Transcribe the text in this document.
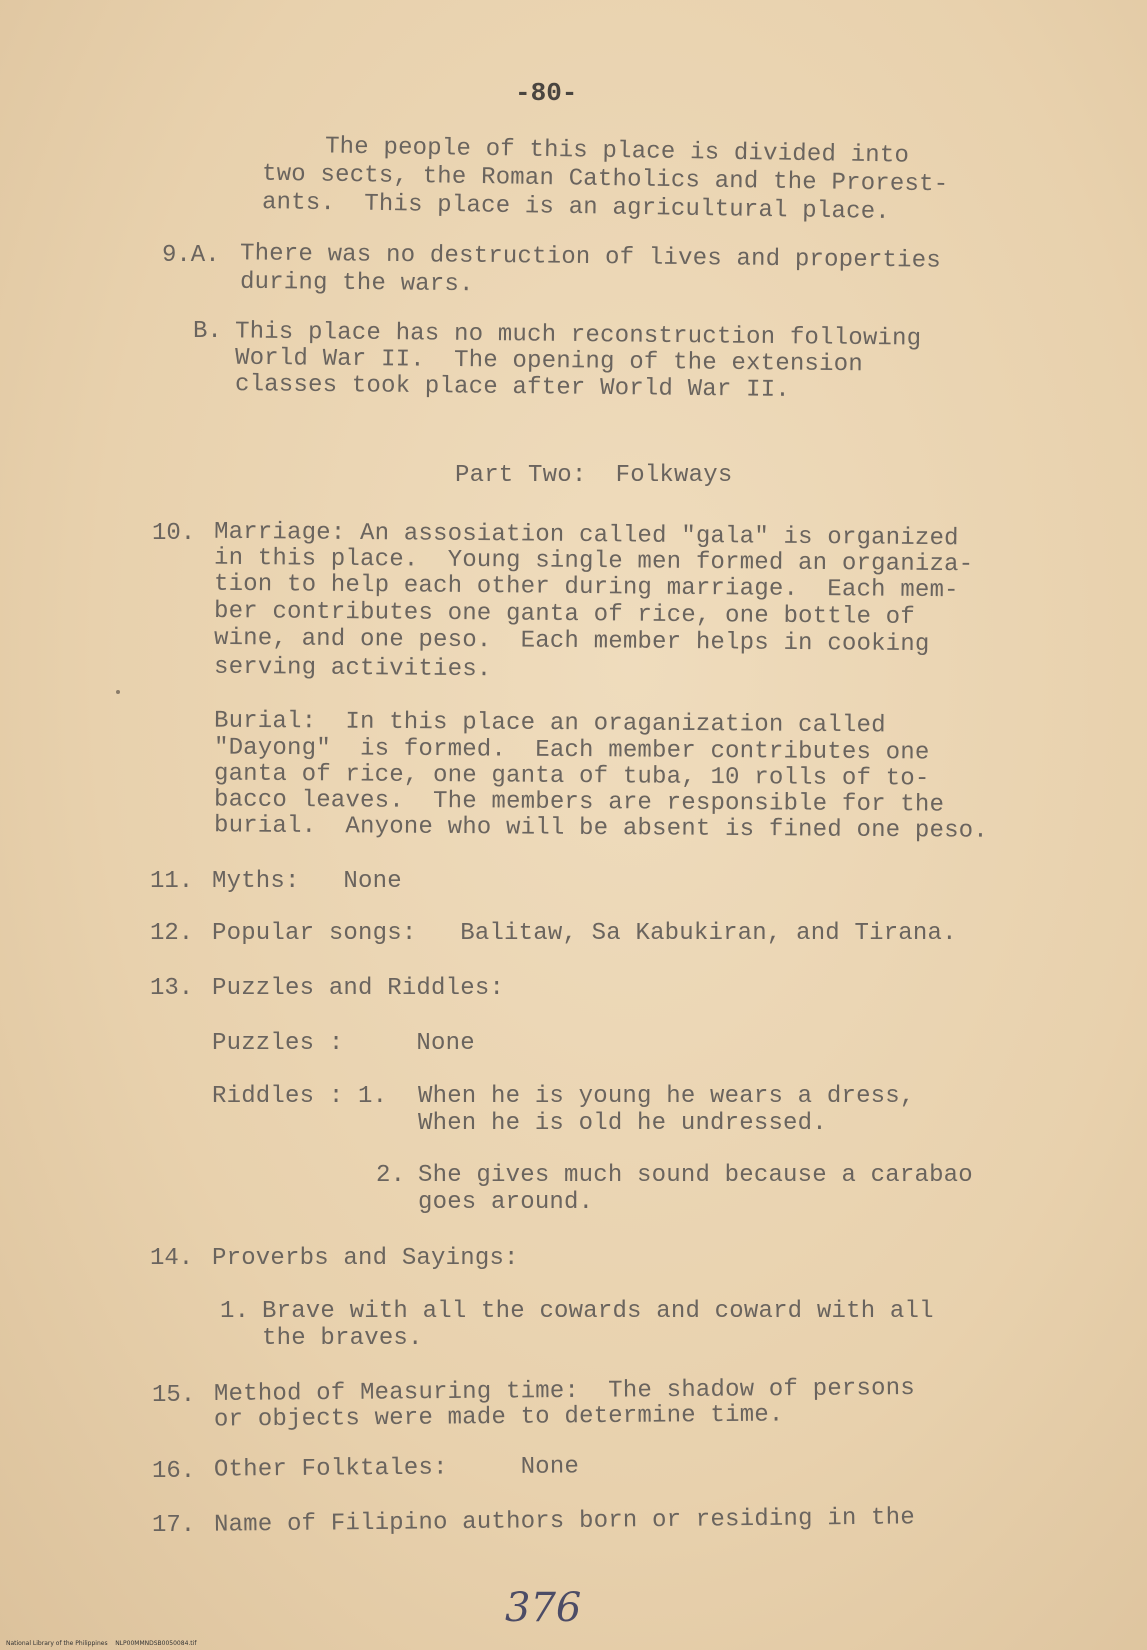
-80-
The people of this place is divided into
two sects, the Roman Catholics and the Prorest-
ants.  This place is an agricultural place.
9.A. There was no destruction of lives and properties
during the wars.
B. This place has no much reconstruction following
World War II.  The opening of the extension
classes took place after World War II.
Part Two:  Folkways
10. Marriage: An assosiation called "gala" is organized
in this place.  Young single men formed an organiza-
tion to help each other during marriage.  Each mem-
ber contributes one ganta of rice, one bottle of
wine, and one peso.  Each member helps in cooking
serving activities.
Burial:  In this place an oraganization called
"Dayong"  is formed.  Each member contributes one
ganta of rice, one ganta of tuba, 10 rolls of to-
bacco leaves.  The members are responsible for the
burial.  Anyone who will be absent is fined one peso.
11. Myths:   None
12. Popular songs:   Balitaw, Sa Kabukiran, and Tirana.
13. Puzzles and Riddles:
Puzzles :     None
Riddles : 1. When he is young he wears a dress,
When he is old he undressed.
2. She gives much sound because a carabao
goes around.
14. Proverbs and Sayings:
1. Brave with all the cowards and coward with all
the braves.
15. Method of Measuring time:  The shadow of persons
or objects were made to determine time.
16. Other Folktales:     None
17. Name of Filipino authors born or residing in the
376
National Library of the Philippines    NLP00MMNDSB0050084.tif
